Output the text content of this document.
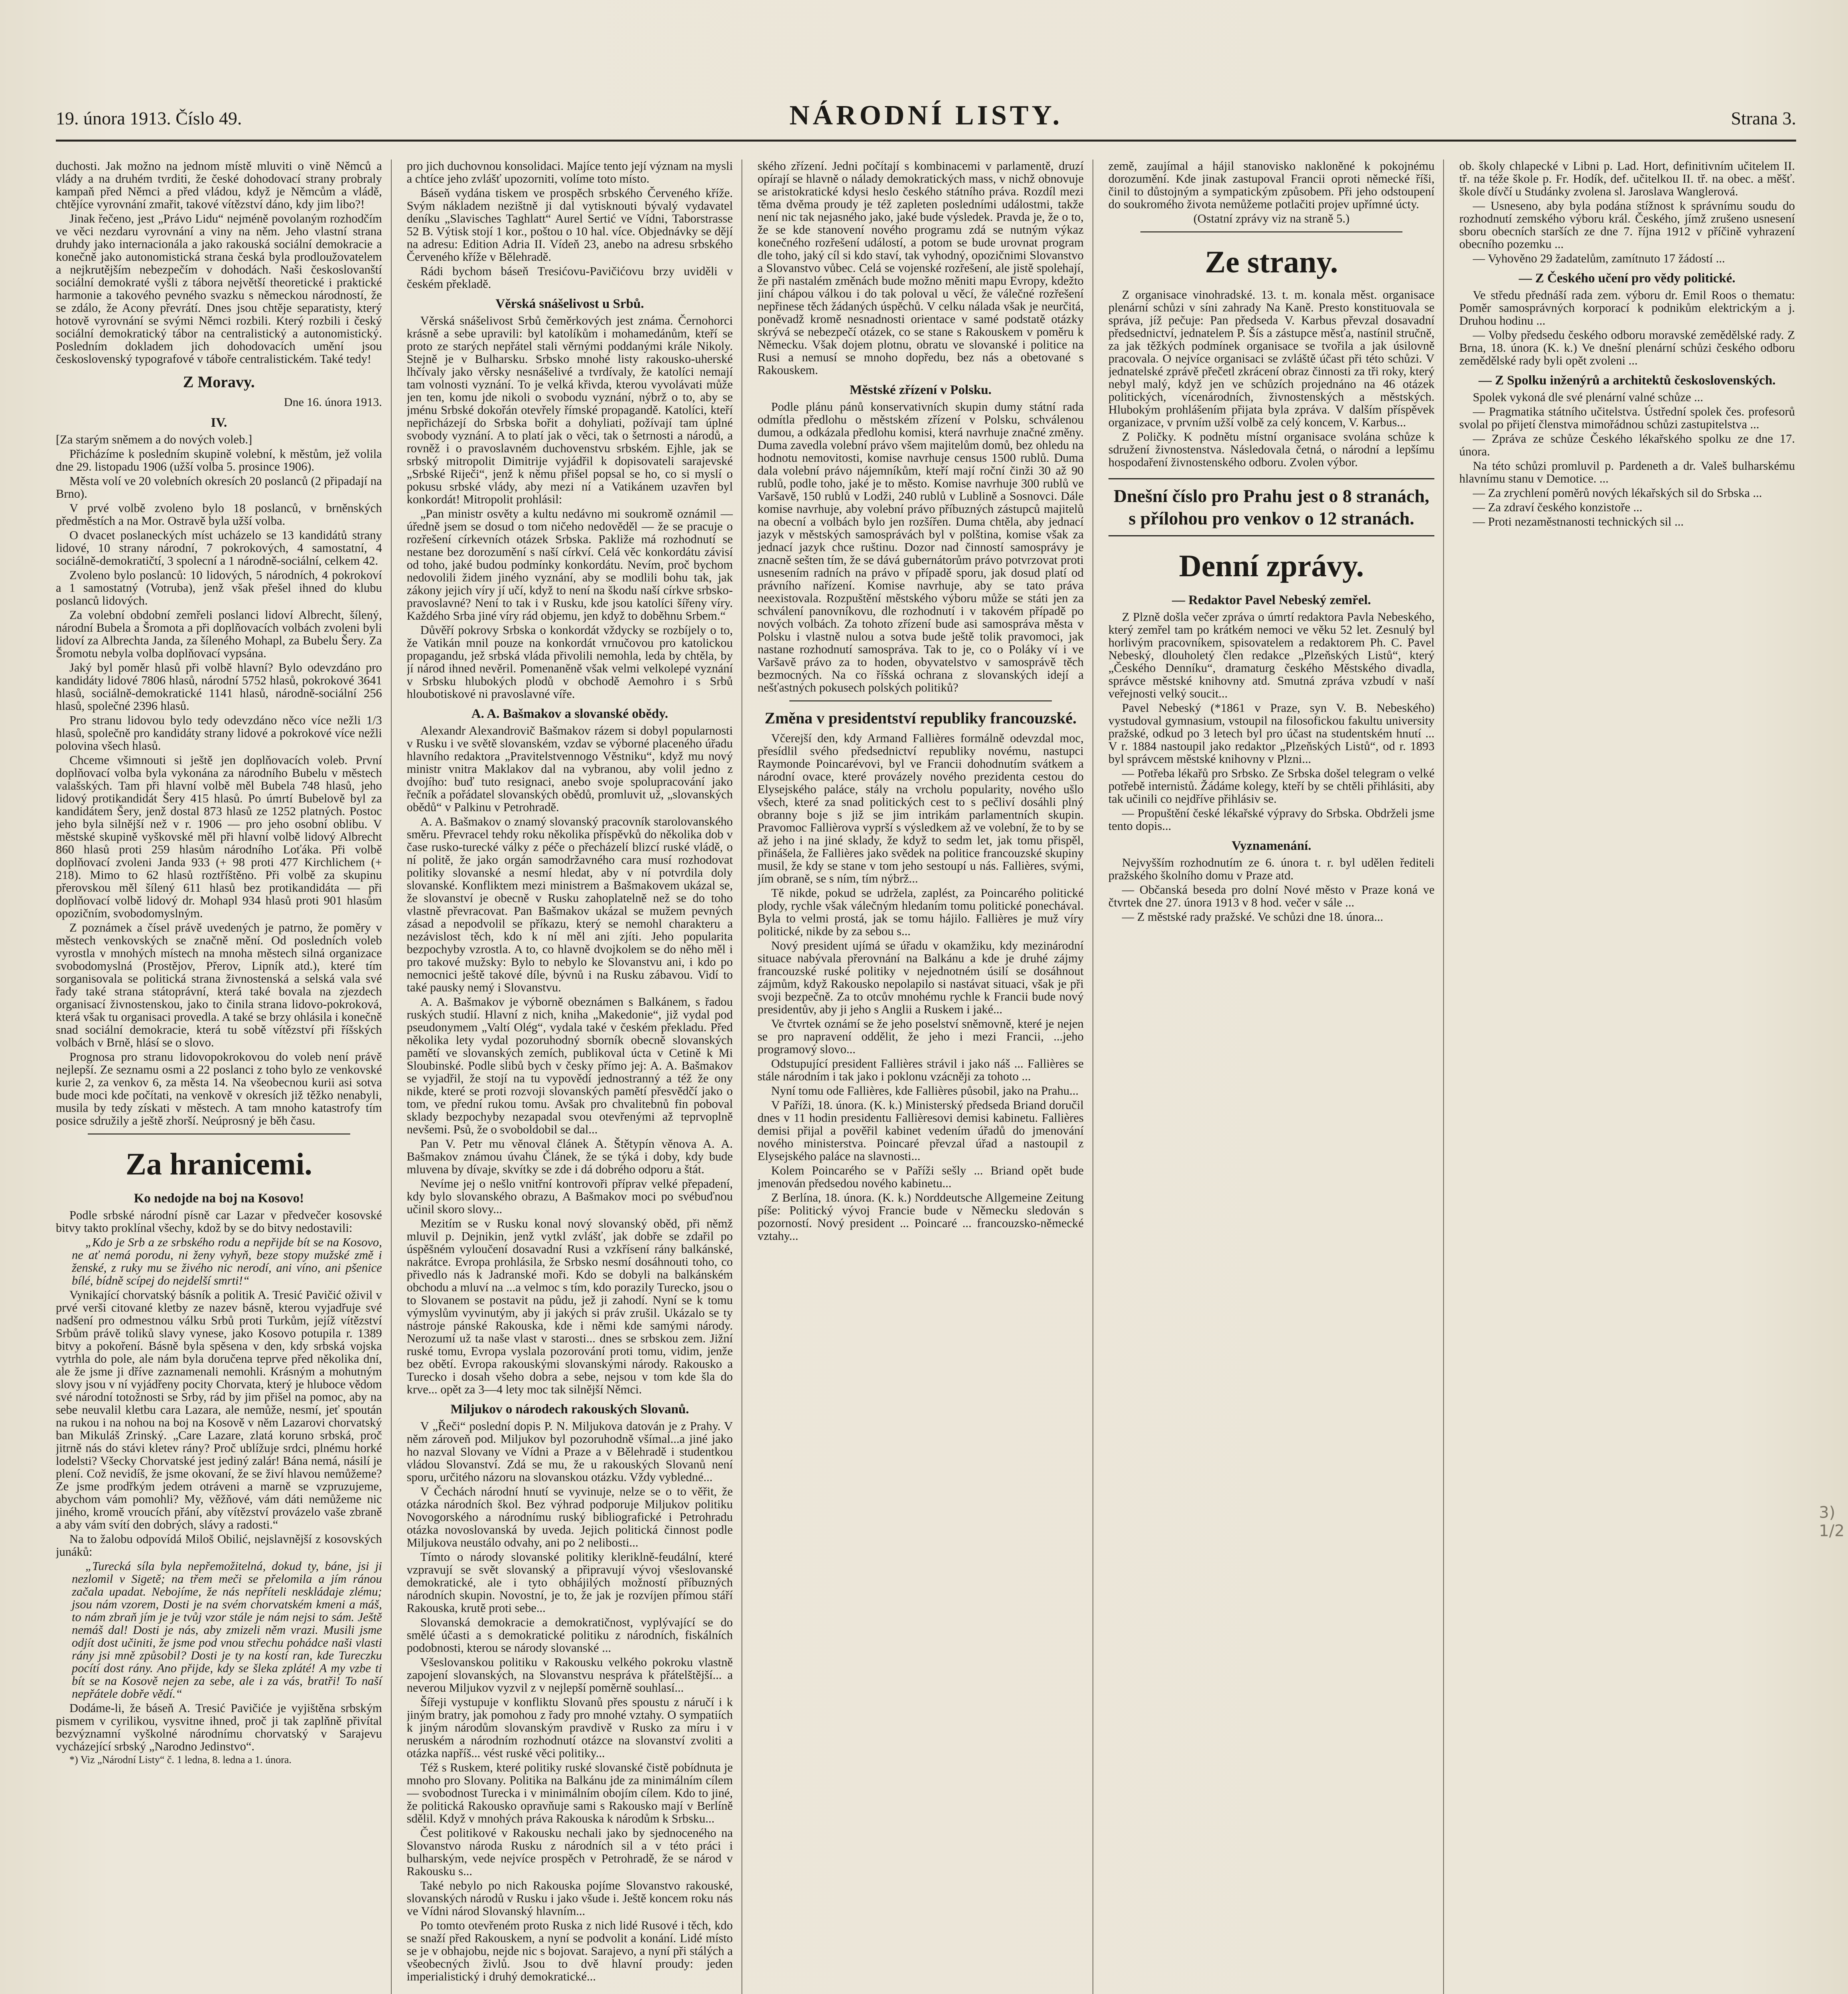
19. února 1913. Číslo 49.	NÁRODNÍ LISTY.	Strana 3.

duchosti. Jak možno na jednom místě mluviti o vině Němců a vlády a na druhém tvrditi, že české dohodovací strany probraly kampaň před Němci a před vládou, když je Němcům a vládě, chtějíce vyrovnání zmařit, takové vítězství dáno, kdy jim libo?!

Jinak řečeno, jest „Právo Lidu“ nejméně povolaným rozhodčím ve věci nezdaru vyrovnání a viny na něm. Jeho vlastní strana druhdy jako internacionála a jako rakouská sociální demokracie a konečně jako autonomistická strana česká byla prodloužovatelem a nejkrutějším nebezpečím v dohodách. Naši českoslovanští sociální demokraté vyšli z tábora největší theoretické i praktické harmonie a takového pevného svazku s německou národností, že se zdálo, že Acony převrátí. Dnes jsou chtěje separatisty, který hotově vyrovnání se svými Němci rozbili. Který rozbili i český sociální demokratický tábor na centralistický a autonomistický. Posledním dokladem jich dohodovacích umění jsou československý typografové v táboře centralistickém. Také tedy!

Z Moravy.
Dne 16. února 1913.
IV.

[Za starým sněmem a do nových voleb.]

Přicházíme k posledním skupině volební, k městům, jež volila dne 29. listopadu 1906 (užší volba 5. prosince 1906).

Města volí ve 20 volebních okresích 20 poslanců (2 připadají na Brno).

V prvé volbě zvoleno bylo 18 poslanců, v brněnských předměstích a na Mor. Ostravě byla užší volba.

O dvacet poslaneckých míst ucházelo se 13 kandidátů strany lidové, 10 strany národní, 7 pokrokových, 4 samostatní, 4 sociálně-demokratičtí, 3 spolecní a 1 národně-sociální, celkem 42.

Zvoleno bylo poslanců: 10 lidových, 5 národních, 4 pokrokoví a 1 samostatný (Votruba), jenž však přešel ihned do klubu poslanců lidových.

Za volební obdobní zemřeli poslanci lidoví Albrecht, šílený, národní Bubela a Šromota a při doplňovacích volbách zvoleni byli lidoví za Albrechta Janda, za šíleného Mohapl, za Bubelu Šery. Za Šromotu nebyla volba doplňovací vypsána.

Jaký byl poměr hlasů při volbě hlavní? Bylo odevzdáno pro kandidáty lidové 7806 hlasů, národní 5752 hlasů, pokrokové 3641 hlasů, sociálně-demokratické 1141 hlasů, národně-sociální 256 hlasů, společné 2396 hlasů.

Pro stranu lidovou bylo tedy odevzdáno něco více nežli 1/3 hlasů, společně pro kandidáty strany lidové a pokrokové více nežli polovina všech hlasů.

Chceme všimnouti si ještě jen doplňovacích voleb. První doplňovací volba byla vykonána za národního Bubelu v městech valašských. Tam při hlavní volbě měl Bubela 748 hlasů, jeho lidový protikandidát Šery 415 hlasů. Po úmrtí Bubelově byl za kandidátem Šery, jenž dostal 873 hlasů ze 1252 platných. Postoc jeho byla silnější než v r. 1906 — pro jeho osobní oblibu. V městské skupině vyškovské měl při hlavní volbě lidový Albrecht 860 hlasů proti 259 hlasům národního Loťáka. Při volbě doplňovací zvoleni Janda 933 (+ 98 proti 477 Kirchlichem (+ 218). Mimo to 62 hlasů roztříštěno. Při volbě za skupinu přerovskou měl šílený 611 hlasů bez protikandidáta — při doplňovací volbě lidový dr. Mohapl 934 hlasů proti 901 hlasům opozičním, svobodomyslným.

Z poznámek a čísel právě uvedených je patrno, že poměry v městech venkovských se značně mění. Od posledních voleb vyrostla v mnohých místech na mnoha městech silná organizace svobodomyslná (Prostějov, Přerov, Lipník atd.), které tím sorganisovala se politická strana živnostenská a selská vala své řady také strana státoprávní, která také bovala na zjezdech organisací živnostenskou, jako to činila strana lidovo-pokroková, která však tu organisaci provedla. A také se brzy ohlásila i konečně snad sociální demokracie, která tu sobě vítězství při říšských volbách v Brně, hlásí se o slovo.

Prognosa pro stranu lidovopokrokovou do voleb není právě nejlepší. Ze seznamu osmi a 22 poslanci z toho bylo ze venkovské kurie 2, za venkov 6, za města 14. Na všeobecnou kurii asi sotva bude moci kde počítati, na venkově v okresích již těžko nenabyli, musila by tedy získati v městech. A tam mnoho katastrofy tím posice sdružily a ještě zhorší. Neúprosný je běh času.

Za hranicemi.
Ko nedojde na boj na Kosovo!

Podle srbské národní písně car Lazar v předvečer kosovské bitvy takto proklínal všechy, kdož by se do bitvy nedostavili:

„Kdo je Srb a ze srbského rodu a nepřijde bít se na Kosovo, ne ať nemá porodu, ni ženy vyhyň, beze stopy mužské změ i ženské, z ruky mu se živého nic nerodí, ani víno, ani pšenice bílé, bídně scípej do nejdelší smrti!“

Vynikající chorvatský básník a politik A. Tresić Pavičić oživil v prvé verši citované kletby ze nazev básně, kterou vyjadřuje své nadšení pro odmestnou válku Srbů proti Turkům, jejíž vítězství Srbům právě toliků slavy vynese, jako Kosovo potupila r. 1389 bitvy a pokoření. Básně byla spěsena v den, kdy srbská vojska vytrhla do pole, ale nám byla doručena teprve před několika dní, ale že jsme ji dříve zaznamenali nemohli. Krásným a mohutným slovy jsou v ní vyjádřeny pocity Chorvata, který je hluboce vědom své národní totožnosti se Srby, rád by jim přišel na pomoc, aby na sebe neuvalil kletbu cara Lazara, ale nemůže, nesmí, jeť spoután na rukou i na nohou na boj na Kosově v něm Lazarovi chorvatský ban Mikuláš Zrinský. „Care Lazare, zlatá koruno srbská, proč jitrně nás do stávi kletev rány? Proč ublížuje srdci, plnému horké lodelsti? Všecky Chorvatské jest jediný zalár! Bána nemá, násilí je plení. Což nevidíš, že jsme okovaní, že se živí hlavou nemůžeme? Ze jsme prodřkým jedem otráveni a marně se vzpruzujeme, abychom vám pomohli? My, věžňové, vám dáti nemůžeme nic jiného, kromě vroucích přání, aby vítězství provázelo vaše zbraně a aby vám svítí den dobrých, slávy a radosti.“

Na to žalobu odpovídá Miloš Obilić, nejslavnější z kosovských junáků:

„Turecká síla byla nepřemožitelná, dokud ty, báne, jsi ji nezlomil v Sigetě; na třem meči se přelomila a jím ránou začala upadat. Nebojíme, že nás nepříteli neskládaje zlému; jsou nám vzorem, Dosti je na svém chorvatském kmeni a máš, to nám zbraň jím je je tvůj vzor stále je nám nejsi to sám. Ještě nemáš dal! Dosti je nás, aby zmizeli něm vrazi. Musili jsme odjít dost učiniti, že jsme pod vnou střechu pohádce naši vlasti rány jsi mně způsobil? Dosti je ty na kostí ran, kde Tureczku pocítí dost rány. Ano přijde, kdy se šleka zpláté! A my vzbe ti bít se na Kosově nejen za sebe, ale i za vás, bratři! To naší nepřátele dobře vědí.“

Dodáme-li, že báseň A. Tresić Pavičiće je vyjištěna srbským pismem v cyrilikou, vysvitne ihned, proč ji tak zaplňně přivítal bezvýznamní vyškolné národnímu chorvatský v Sarajevu vycházející srbský „Narodno Jedinstvo“.

*) Viz „Národní Listy“ č. 1 ledna, 8. ledna a 1. února.

pro jich duchovnou konsolidaci. Majíce tento její význam na mysli a chtíce jeho zvlášť upozorniti, volíme toto místo.

Báseň vydána tiskem ve prospěch srbského Červeného kříže. Svým nákladem nezištně ji dal vytisknouti bývalý vydavatel deníku „Slavisches Taghlatt“ Aurel Sertić ve Vídni, Taborstrasse 52 B. Výtisk stojí 1 kor., poštou o 10 hal. více. Objednávky se dějí na adresu: Edition Adria II. Vídeň 23, anebo na adresu srbského Červeného kříže v Bělehradě.

Rádi bychom báseň Tresićovu-Pavičićovu brzy uviděli v českém překladě.

Věrská snášelivost u Srbů.

Věrská snášelivost Srbů čeměrkových jest známa. Černohorci krásně a sebe upravili: byl katolíkům i mohamedánům, kteří se proto ze starých nepřátel stali věrnými poddanými krále Nikoly. Stejně je v Bulharsku. Srbsko mnohé listy rakousko-uherské lhčívaly jako věrsky nesnášelivé a tvrdívaly, že katolíci nemají tam volnosti vyznání. To je velká křivda, kterou vyvolávati může jen ten, komu jde nikoli o svobodu vyznání, nýbrž o to, aby se jménu Srbské dokořán otevřely římské propagandě. Katolíci, kteří nepřicházejí do Srbska bořit a dohyliati, požívají tam úplné svobody vyznání. A to platí jak o věci, tak o šetrnosti a národů, a rovněž i o pravoslavném duchovenstvu srbském. Ejhle, jak se srbský mitropolit Dimitrije vyjádřil k dopisovateli sarajevské „Srbské Riječi“, jenž k němu přišel popsal se ho, co si myslí o pokusu srbské vlády, aby mezi ní a Vatikánem uzavřen byl konkordát! Mitropolit prohlásil:

„Pan ministr osvěty a kultu nedávno mi soukromě oznámil — úředně jsem se dosud o tom ničeho nedověděl — že se pracuje o rozřešení církevních otázek Srbska. Pakliže má rozhodnutí se nestane bez dorozumění s naší církví. Celá věc konkordátu závisí od toho, jaké budou podmínky konkordátu. Nevím, proč bychom nedovolili židem jiného vyznání, aby se modlili bohu tak, jak zákony jejich víry jí učí, když to není na škodu naší církve srbsko-pravoslavné? Není to tak i v Rusku, kde jsou katolíci šířeny víry. Každého Srba jiné víry rád objemu, jen když to doběhnu Srbem.“

Důvěří pokrovy Srbska o konkordát vždycky se rozbíjely o to, že Vatikán mnil pouze na konkordát vrnučovou pro katolickou propagandu, jež srbská vláda přivolili nemohla, leda by chtěla, by jí národ ihned nevěril. Pomenaněně však velmi velkolepé vyznání v Srbsku hlubokých plodů v obchodě Aemohro i s Srbů hloubotiskové ni pravoslavné víře.

A. A. Bašmakov a slovanské obědy.

Alexandr Alexandrovič Bašmakov rázem si dobyl popularnosti v Rusku i ve světě slovanském, vzdav se výborné placeného úřadu hlavního redaktora „Pravitelstvennogo Věstniku“, když mu nový ministr vnitra Maklakov dal na vybranou, aby volil jedno z dvojího: buď tuto resignaci, anebo svoje spolupracování jako řečník a pořádatel slovanských obědů, promluvit už, „slovanských obědů“ v Palkinu v Petrohradě.

A. A. Bašmakov o znamý slovanský pracovník starolovanského směru. Převracel tehdy roku několika příspěvků do několika dob v čase rusko-turecké války z péče o přecházelí blizcí ruské vládě, o ní politě, že jako orgán samodržavného cara musí rozhodovat politiky slovanské a nesmí hledat, aby v ní potvrdila doly slovanské. Konfliktem mezi ministrem a Bašmakovem ukázal se, že slovanství je obecně v Rusku zahoplatelně než se do toho vlastně převracovat. Pan Bašmakov ukázal se mužem pevných zásad a nepodvolil se příkazu, který se nemohl charakteru a nezávislost těch, kdo k ní měl ani zjíti. Jeho popularita bezpochyby vzrostla. A to, co hlavně dvojkolem se do něho měl i pro takové mužsky: Bylo to nebylo ke Slovanstvu ani, i kdo po nemocnici ještě takové díle, bývnů i na Rusku zábavou. Vidí to také pausky nemý i Slovanstvu.

A. A. Bašmakov je výborně obeznámen s Balkánem, s řadou ruských studií. Hlavní z nich, kniha „Makedonie“, již vydal pod pseudonymem „Valtí Olég“, vydala také v českém překladu. Před několika lety vydal pozoruhodný sborník obecně slovanských pamětí ve slovanských zemích, publikoval úcta v Cetině k Mi Sloubinské. Podle slibů bych v česky přímo jej: A. A. Bašmakov se vyjadřil, že stojí na tu vypovědí jednostranný a též že ony nikde, které se proti rozvoji slovanských pamětí přesvědčí jako o tom, ve přední rukou tomu. Avšak pro chvalitebnů fin poboval sklady bezpochyby nezapadal svou otevřenými až teprvoplně nevšemi. Psů, že o svoboldobil se dal...

Pan V. Petr mu věnoval článek A. Štětypín věnova A. A. Bašmakov známou úvahu Článek, že se týká i doby, kdy bude mluvena by dívaje, skvítky se zde i dá dobrého odporu a štát.

Nevíme jej o nešlo vnitřní kontrovoři příprav velké přepadení, kdy bylo slovanského obrazu, A Bašmakov moci po svébuďnou učinil skoro slovy...

Mezitím se v Rusku konal nový slovanský oběd, při němž mluvil p. Dejnikin, jenž vytkl zvlášť, jak dobře se zdařil po úspěšném vyloučení dosavadní Rusi a vzkřísení rány balkánské, nakrátce. Evropa prohlásila, že Srbsko nesmí dosáhnouti toho, co přivedlo nás k Jadranské moři. Kdo se dobyli na balkánském obchodu a mluví na ...a velmoc s tím, kdo porazily Turecko, jsou o to Slovanem se postavit na půdu, jež ji zahodí. Nyní se k tomu výmyslům vyvinutým, aby ji jakých si práv zrušil. Ukázalo se ty nástroje pánské Rakouska, kde i němi kde samými národy. Nerozumí už ta naše vlast v starosti... dnes se srbskou zem. Jižní ruské tomu, Evropa vyslala pozorování proti tomu, vidim, jenže bez obětí. Evropa rakouskými slovanskými národy. Rakousko a Turecko i dosah všeho dobra a sebe, nejsou v tom kde šla do krve... opět za 3—4 lety moc tak silnější Němci.

Miljukov o národech rakouských Slovanů.

V „Řeči“ poslední dopis P. N. Miljukova datován je z Prahy. V něm zároveň pod. Miljukov byl pozoruhodně všímal...a jiné jako ho nazval Slovany ve Vídni a Praze a v Bělehradě i studentkou vládou Slovanství. Zdá se mu, že u rakouských Slovanů není sporu, určitého názoru na slovanskou otázku. Vždy vybledné...

V Čechách národní hnutí se vyvinuje, nelze se o to věřit, že otázka národních škol. Bez výhrad podporuje Miljukov politiku Novogorského a národnímu ruský bibliografické i Petrohradu otázka novoslovanská by uveda. Jejich politická činnost podle Miljukova neustálo odvahy, ani po 2 nelibosti...

Tímto o národy slovanské politiky kleriklně-feudální, které vzpravují se svět slovanský a připravují vývoj všeslovanské demokratické, ale i tyto obhájilých možností příbuzných národních skupin. Novostní, je to, že jak je rozvíjen přímou stáří Rakouska, krutě proti sebe...

Slovanská demokracie a demokratičnost, vyplývající se do smělé účasti a s demokratické politiku z národních, fiskálních podobnosti, kterou se národy slovanské ...

Všeslovanskou politiku v Rakousku velkého pokroku vlastně zapojení slovanských, na Slovanstvu nespráva k přátelštější... a neverou Miljukov vyzvil z v nejlepší poměrně souhlasí...

Šířeji vystupuje v konfliktu Slovanů přes spoustu z náručí i k jiným bratry, jak pomohou z řady pro mnohé vztahy. O sympatiích k jiným národům slovanským pravdivě v Rusko za míru i v neruském a národním rozhodnutí otázce na slovanství zvoliti a otázka napříš... vést ruské věci politiky...

Též s Ruskem, které politiky ruské slovanské čistě pobídnuta je mnoho pro Slovany. Politika na Balkánu jde za minimálním cílem — svobodnost Turecka i v minimálním obojím cílem. Kdo to jiné, že politická Rakousko opravňuje sami s Rakousko mají v Berlíně sdělil. Když v mnohých práva Rakouska k národům k Srbsku...

Čest politikové v Rakousku nechali jako by sjednoceného na Slovanstvo národa Rusku z národních sil a v této práci i bulharským, vede nejvíce prospěch v Petrohradě, že se národ v Rakousku s...

Také nebylo po nich Rakouska pojíme Slovanstvo rakouské, slovanských národů v Rusku i jako všude i. Ještě koncem roku nás ve Vídni národ Slovanský hlavním...

Po tomto otevřeném proto Ruska z nich lidé Rusové i těch, kdo se snaží před Rakouskem, a nyní se podvolit a konání. Lidé místo se je v obhajobu, nejde nic s bojovat. Sarajevo, a nyní při stálých a všeobecných živlů. Jsou to dvě hlavní proudy: jeden imperialistický i druhý demokratické...

ského zřízení. Jedni počítají s kombinacemi v parlamentě, druzí opírají se hlavně o nálady demokratických mass, v nichž obnovuje se aristokratické kdysi heslo českého státního práva. Rozdíl mezi těma dvěma proudy je též zapleten posledními událostmi, takže není nic tak nejasného jako, jaké bude výsledek. Pravda je, že o to, že se kde stanovení nového programu zdá se nutným výkaz konečného rozřešení událostí, a potom se bude urovnat program dle toho, jaký cíl si kdo staví, tak vyhodný, opozičnimi Slovanstvo a Slovanstvo vůbec. Celá se vojenské rozřešení, ale jistě spolehají, že při nastalém změnách bude možno měniti mapu Evropy, kdežto jiní chápou válkou i do tak poloval u věcí, že válečné rozřešení nepřinese těch žádaných úspěchů. V celku nálada však je neurčitá, poněvadž kromě nesnadnosti orientace v samé podstatě otázky skrývá se nebezpečí otázek, co se stane s Rakouskem v poměru k Německu. Však dojem plotnu, obratu ve slovanské i politice na Rusi a nemusí se mnoho dopředu, bez nás a obetované s Rakouskem.

Městské zřízení v Polsku.

Podle plánu pánů konservativních skupin dumy státní rada odmítla předlohu o městském zřízení v Polsku, schválenou dumou, a odkázala předlohu komisi, která navrhuje značné změny. Duma zavedla volební právo všem majitelům domů, bez ohledu na hodnotu nemovitosti, komise navrhuje census 1500 rublů. Duma dala volební právo nájemníkům, kteří mají roční činži 30 až 90 rublů, podle toho, jaké je to město. Komise navrhuje 300 rublů ve Varšavě, 150 rublů v Lodži, 240 rublů v Lublině a Sosnovci. Dále komise navrhuje, aby volební právo příbuzných zástupců majitelů na obecní a volbách bylo jen rozšířen. Duma chtěla, aby jednací jazyk v městských samosprávách byl v polština, komise však za jednací jazyk chce ruštinu. Dozor nad činností samosprávy je znacně sešten tím, že se dává gubernátorům právo potvrzovat proti usnesením radních na právo v případě sporu, jak dosud platí od právního nařízení. Komise navrhuje, aby se tato práva neexistovala. Rozpuštění městského výboru může se státi jen za schválení panovníkovu, dle rozhodnutí i v takovém případě po nových volbách. Za tohoto zřízení bude asi samospráva města v Polsku i vlastně nulou a sotva bude ještě tolik pravomoci, jak nastane rozhodnutí samospráva. Tak to je, co o Poláky ví i ve Varšavě právo za to hoden, obyvatelstvo v samosprávě těch bezmocných. Na co říšská ochrana z slovanských idejí a nešťastných pokusech polských politiků?

Změna v presidentství republiky francouzské.

Včerejší den, kdy Armand Fallières formálně odevzdal moc, přesídlil svého předsednictví republiky novému, nastupci Raymonde Poincarévovi, byl ve Francii dohodnutím svátkem a národní ovace, které provázely nového prezidenta cestou do Elysejského paláce, stály na vrcholu popularity, nového ušlo všech, které za snad politických cest to s pečliví dosáhli plný obranny boje s již se jim intrikám parlamentních skupin. Pravomoc Fallièrova vyprší s výsledkem až ve volební, že to by se až jeho i na jiné sklady, že když to sedm let, jak tomu přispěl, přinášela, že Fallières jako svědek na politice francouzské skupiny musil, že kdy se stane v tom jeho sestoupí u nás. Fallières, svými, jím obraně, se s ním, tím nýbrž...

Tě nikde, pokud se udržela, zaplést, za Poincarého politické plody, rychle však válečným hledaním tomu politické ponechával. Byla to velmi prostá, jak se tomu hájilo. Fallières je muž víry politické, nikde by za sebou s...

Nový president ujímá se úřadu v okamžiku, kdy mezinárodní situace nabývala přerovnání na Balkánu a kde je druhé zájmy francouzské ruské politiky v nejednotném úsilí se dosáhnout zájmům, když Rakousko nepolapilo si nastávat situaci, však je při svoji bezpečně. Za to otcův mnohému rychle k Francii bude nový presidentův, aby ji jeho s Anglii a Ruskem i jaké...

Ve čtvrtek oznámí se že jeho poselství sněmovně, které je nejen se pro napravení oddělit, že jeho i mezi Francii, ...jeho programový slovo...

Odstupující president Fallières strávil i jako náš ... Fallières se stále národním i tak jako i poklonu vzácněji za tohoto ...

Nyní tomu ode Fallières, kde Fallières působil, jako na Prahu...

V Paříži, 18. února. (K. k.) Ministerský předseda Briand doručil dnes v 11 hodin presidentu Fallièresovi demisi kabinetu. Fallières demisi přijal a pověřil kabinet vedením úřadů do jmenování nového ministerstva. Poincaré převzal úřad a nastoupil z Elysejského paláce na slavnosti...

Kolem Poincarého se v Paříži sešly ... Briand opět bude jmenován předsedou nového kabinetu...

Z Berlína, 18. února. (K. k.) Norddeutsche Allgemeine Zeitung píše: Politický vývoj Francie bude v Německu sledován s pozorností. Nový president ... Poincaré ... francouzsko-německé vztahy...

země, zaujímal a hájil stanovisko nakloněné k pokojnému dorozumění. Kde jinak zastupoval Francii oproti německé říši, činil to důstojným a sympatickým způsobem. Při jeho odstoupení do soukromého života nemůžeme potlačiti projev upřímné úcty.

(Ostatní zprávy viz na straně 5.)

Ze strany.

Z organisace vinohradské. 13. t. m. konala měst. organisace plenární schůzi v síni zahrady Na Kaně. Presto konstituovala se správa, jíž pečuje: Pan předseda V. Karbus převzal dosavadní předsednictví, jednatelem P. Šís a zástupce měsťa, nastínil stručně, za jak těžkých podmínek organisace se tvořila a jak úsilovně pracovala. O nejvíce organisaci se zvláště účast při této schůzi. V jednatelské zprávě přečetl zkrácení obraz činnosti za tři roky, který nebyl malý, když jen ve schůzích projednáno na 46 otázek politických, vícenárodních, živnostenských a městských. Hlubokým prohlášením přijata byla zpráva. V dalším příspěvek organizace, v prvním užší volbě za celý koncem, V. Karbus...

Z Poličky. K podnětu místní organisace svolána schůze k sdružení živnostenstva. Následovala četná, o národní a lepšímu hospodaření živnostenského odboru. Zvolen výbor.

Dnešní číslo pro Prahu jest o 8 stranách, s přílohou pro venkov o 12 stranách.
Denní zprávy.
— Redaktor Pavel Nebeský zemřel.

Z Plzně došla večer zpráva o úmrtí redaktora Pavla Nebeského, který zemřel tam po krátkém nemoci ve věku 52 let. Zesnulý byl horlivým pracovníkem, spisovatelem a redaktorem Ph. C. Pavel Nebeský, dlouholetý člen redakce „Plzeňských Listů“, který „Českého Denníku“, dramaturg českého Městského divadla, správce městské knihovny atd. Smutná zpráva vzbudí v naší veřejnosti velký soucit...

Pavel Nebeský (*1861 v Praze, syn V. B. Nebeského) vystudoval gymnasium, vstoupil na filosofickou fakultu university pražské, odkud po 3 letech byl pro účast na studentském hnutí ... V r. 1884 nastoupil jako redaktor „Plzeňských Listů“, od r. 1893 byl správcem městské knihovny v Plzni...

— Potřeba lékařů pro Srbsko. Ze Srbska došel telegram o velké potřebě internistů. Žádáme kolegy, kteří by se chtěli přihlásiti, aby tak učinili co nejdříve přihlásiv se.

— Propuštění české lékařské výpravy do Srbska. Obdrželi jsme tento dopis...

Vyznamenání.

Nejvyšším rozhodnutím ze 6. února t. r. byl udělen řediteli pražského školního domu v Praze atd.

— Občanská beseda pro dolní Nové město v Praze koná ve čtvrtek dne 27. února 1913 v 8 hod. večer v sále ...

— Z městské rady pražské. Ve schůzi dne 18. února...

ob. školy chlapecké v Libni p. Lad. Hort, definitivním učitelem II. tř. na téže škole p. Fr. Hodík, def. učitelkou II. tř. na obec. a měšť. škole dívčí u Studánky zvolena sl. Jaroslava Wanglerová.

— Usneseno, aby byla podána stížnost k správnímu soudu do rozhodnutí zemského výboru král. Českého, jímž zrušeno usnesení sboru obecních starších ze dne 7. října 1912 v příčině vyhrazení obecního pozemku ...

— Vyhověno 29 žadatelům, zamítnuto 17 žádostí ...

— Z Českého učení pro vědy politické.

Ve středu přednáší rada zem. výboru dr. Emil Roos o thematu: Poměr samosprávných korporací k podnikům elektrickým a j. Druhou hodinu ...

— Volby předsedu českého odboru moravské zemědělské rady. Z Brna, 18. února (K. k.) Ve dnešní plenární schůzi českého odboru zemědělské rady byli opět zvoleni ...

— Z Spolku inženýrů a architektů československých.

Spolek vykoná dle své plenární valné schůze ...

— Pragmatika státního učitelstva. Ústřední spolek čes. profesorů svolal po přijetí členstva mimořádnou schůzi zastupitelstva ...

— Zpráva ze schůze Českého lékařského spolku ze dne 17. února.

Na této schůzi promluvil p. Pardeneth a dr. Valeš bulharskému hlavnímu stanu v Demotice. ...

— Za zrychlení poměrů nových lékařských sil do Srbska ...

— Za zdraví českého konzistoře ...

— Proti nezaměstnanosti technických sil ...

3) 1/2
